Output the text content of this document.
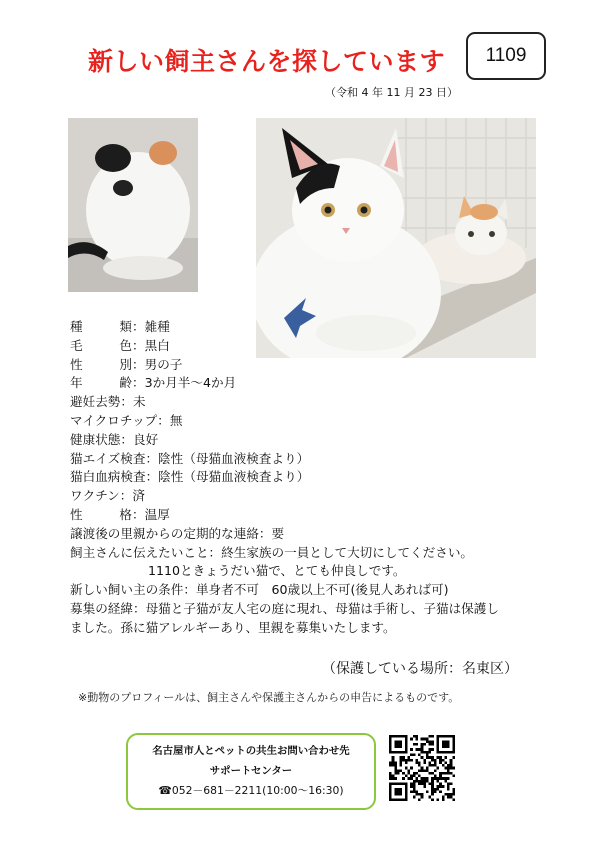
新しい飼主さんを探しています	1109
（令和 4 年 11 月 23 日）
種　　類：雑種
毛　　色：黒白
性　　別：男の子
年　　齢：3か月半～4か月
避妊去勢：未
マイクロチップ：無
健康状態：良好
猫エイズ検査：陰性（母猫血液検査より）
猫白血病検査：陰性（母猫血液検査より）
ワクチン：済
性　　格：温厚
譲渡後の里親からの定期的な連絡：要
飼主さんに伝えたいこと：終生家族の一員として大切にしてください。
1110ときょうだい猫で、とても仲良しです。
新しい飼い主の条件：単身者不可　60歳以上不可(後見人あれば可)
募集の経緯：母猫と子猫が友人宅の庭に現れ、母猫は手術し、子猫は保護し
ました。孫に猫アレルギーあり、里親を募集いたします。
（保護している場所：名東区）
※動物のプロフィールは、飼主さんや保護主さんからの申告によるものです。
名古屋市人とペットの共生お問い合わせ先
サポートセンター
☎052－681－2211(10:00～16:30)
